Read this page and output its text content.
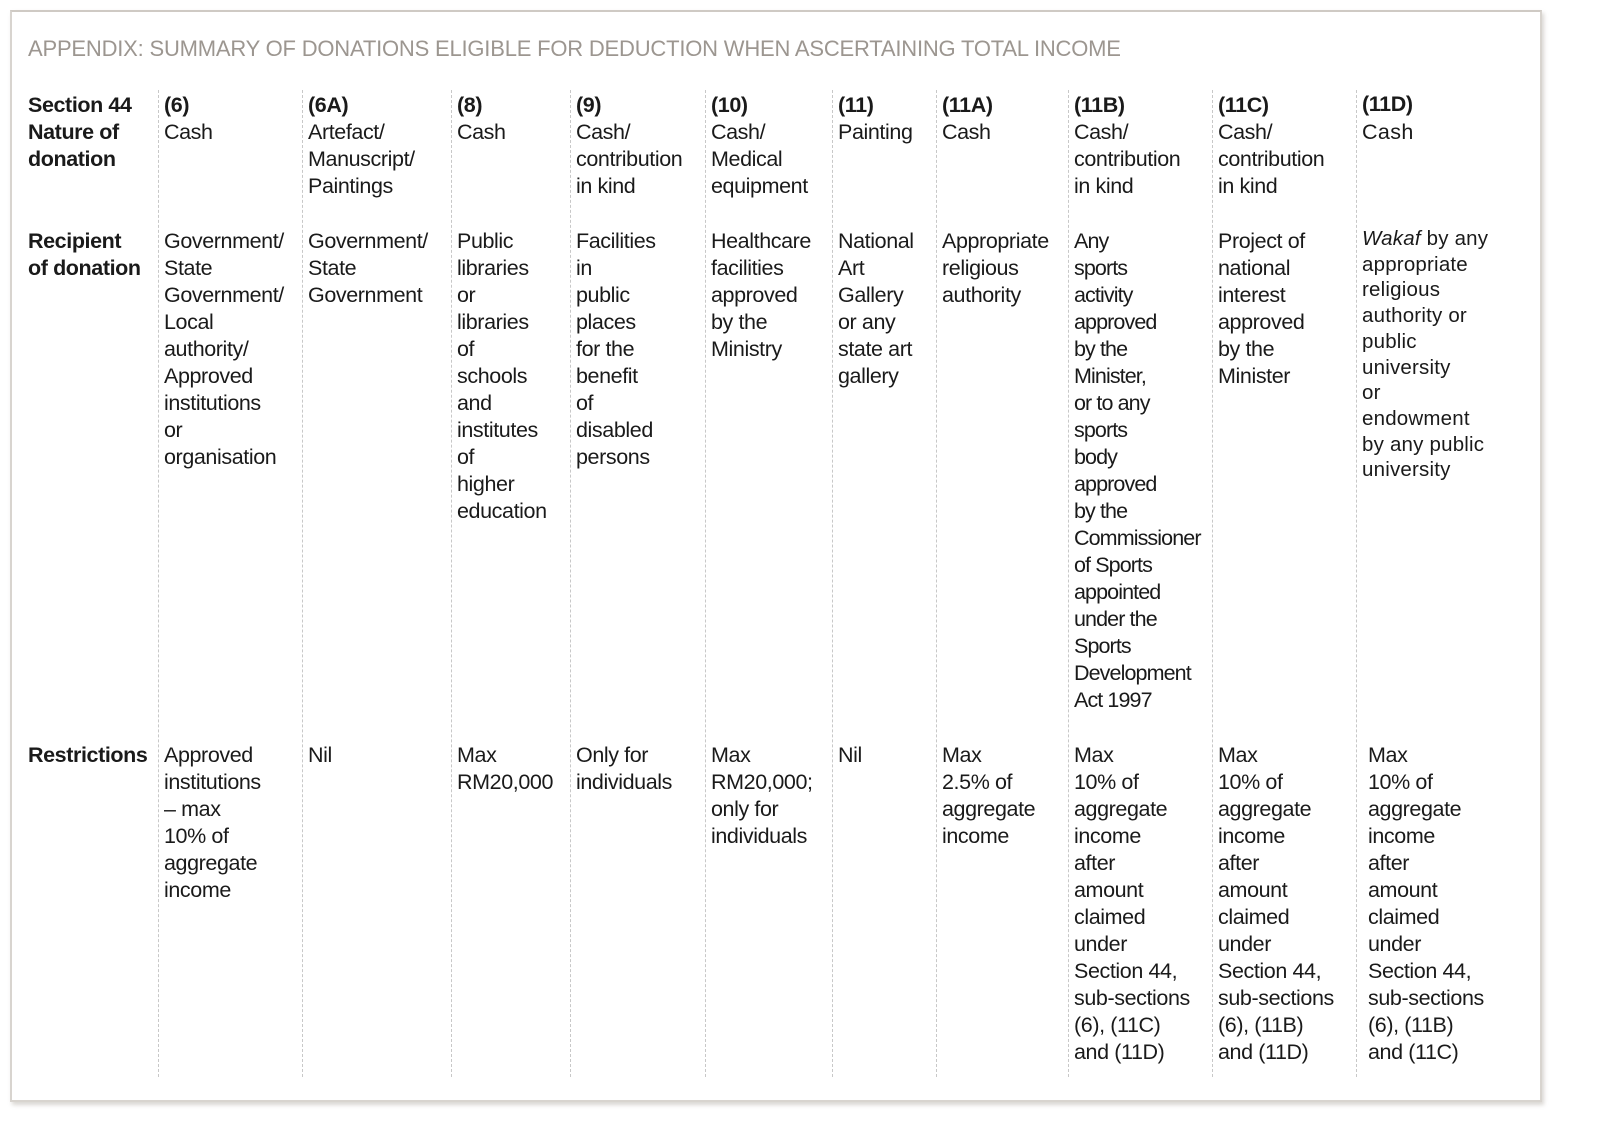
APPENDIX: SUMMARY OF DONATIONS ELIGIBLE FOR DEDUCTION WHEN ASCERTAINING TOTAL INCOME
Section 44
Nature of
donation
Recipient
of donation
Restrictions
(6)
Cash
Government/
State
Government/
Local
authority/
Approved
institutions
or
organisation
Approved
institutions
– max
10% of
aggregate
income
(6A)
Artefact/
Manuscript/
Paintings
Government/
State
Government
Nil
(8)
Cash
Public
libraries
or
libraries
of
schools
and
institutes
of
higher
education
Max
RM20,000
(9)
Cash/
contribution
in kind
Facilities
in
public
places
for the
benefit
of
disabled
persons
Only for
individuals
(10)
Cash/
Medical
equipment
Healthcare
facilities
approved
by the
Ministry
Max
RM20,000;
only for
individuals
(11)
Painting
National
Art
Gallery
or any
state art
gallery
Nil
(11A)
Cash
Appropriate
religious
authority
Max
2.5% of
aggregate
income
(11B)
Cash/
contribution
in kind
Any
sports
activity
approved
by the
Minister,
or to any
sports
body
approved
by the
Commissioner
of Sports
appointed
under the
Sports
Development
Act 1997
Max
10% of
aggregate
income
after
amount
claimed
under
Section 44,
sub-sections
(6), (11C)
and (11D)
(11C)
Cash/
contribution
in kind
Project of
national
interest
approved
by the
Minister
Max
10% of
aggregate
income
after
amount
claimed
under
Section 44,
sub-sections
(6), (11B)
and (11D)
(11D)
Cash
Wakaf by any
appropriate
religious
authority or
public
university
or
endowment
by any public
university
Max
10% of
aggregate
income
after
amount
claimed
under
Section 44,
sub-sections
(6), (11B)
and (11C)
